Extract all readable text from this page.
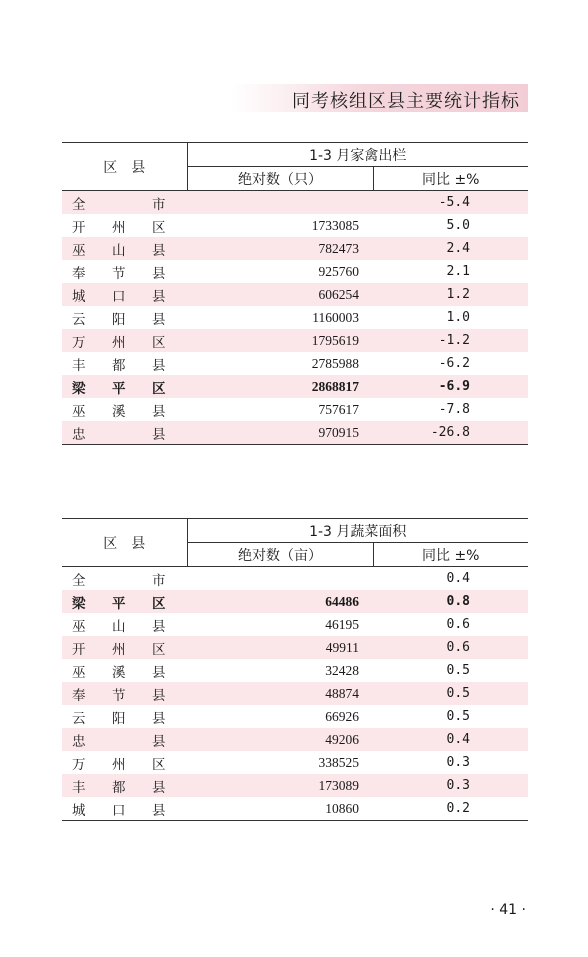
同考核组区县主要统计指标
区　县	1-3 月家禽出栏	
	绝对数（只）	同比 ±%

全 市		-5.4

开 州 区	1733085	5.0

巫 山 县	782473	2.4

奉 节 县	925760	2.1

城 口 县	606254	1.2

云 阳 县	1160003	1.0

万 州 区	1795619	-1.2

丰 都 县	2785988	-6.2

梁 平 区	2868817	-6.9

巫 溪 县	757617	-7.8

忠 县	970915	-26.8
区　县	1-3 月蔬菜面积	
	绝对数（亩）	同比 ±%

全 市		0.4

梁 平 区	64486	0.8

巫 山 县	46195	0.6

开 州 区	49911	0.6

巫 溪 县	32428	0.5

奉 节 县	48874	0.5

云 阳 县	66926	0.5

忠 县	49206	0.4

万 州 区	338525	0.3

丰 都 县	173089	0.3

城 口 县	10860	0.2
· 41 ·
